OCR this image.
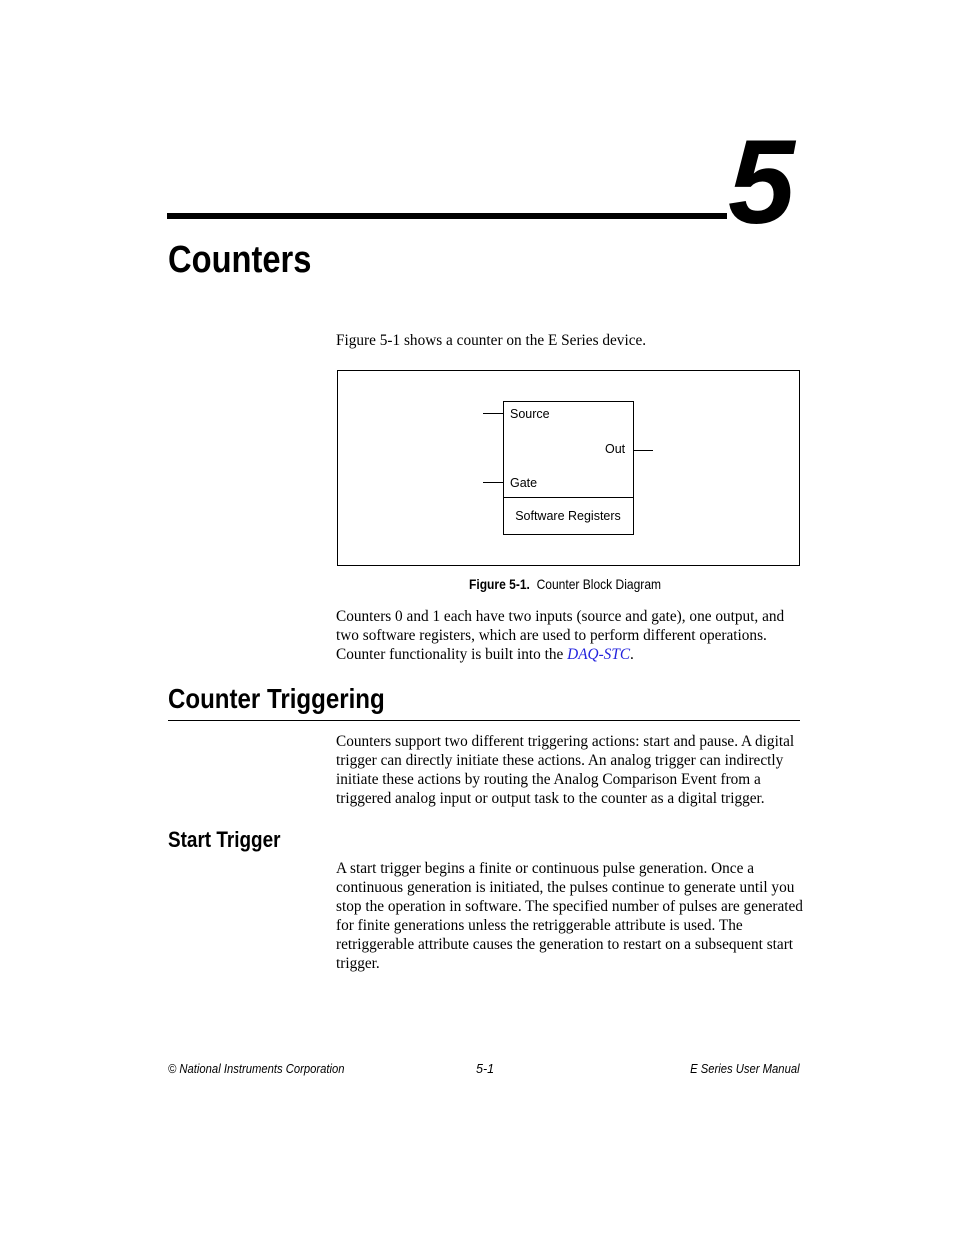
5
Counters
Figure 5-1 shows a counter on the E Series device.
Source
Out
Gate
Software Registers
Figure 5-1. Counter Block Diagram
Counters 0 and 1 each have two inputs (source and gate), one output, and two software registers, which are used to perform different operations. Counter functionality is built into the DAQ-STC.
Counter Triggering
Counters support two different triggering actions: start and pause. A digital trigger can directly initiate these actions. An analog trigger can indirectly initiate these actions by routing the Analog Comparison Event from a triggered analog input or output task to the counter as a digital trigger.
Start Trigger
A start trigger begins a finite or continuous pulse generation. Once a continuous generation is initiated, the pulses continue to generate until you stop the operation in software. The specified number of pulses are generated for finite generations unless the retriggerable attribute is used. The retriggerable attribute causes the generation to restart on a subsequent start trigger.
© National Instruments Corporation	5-1	E Series User Manual
